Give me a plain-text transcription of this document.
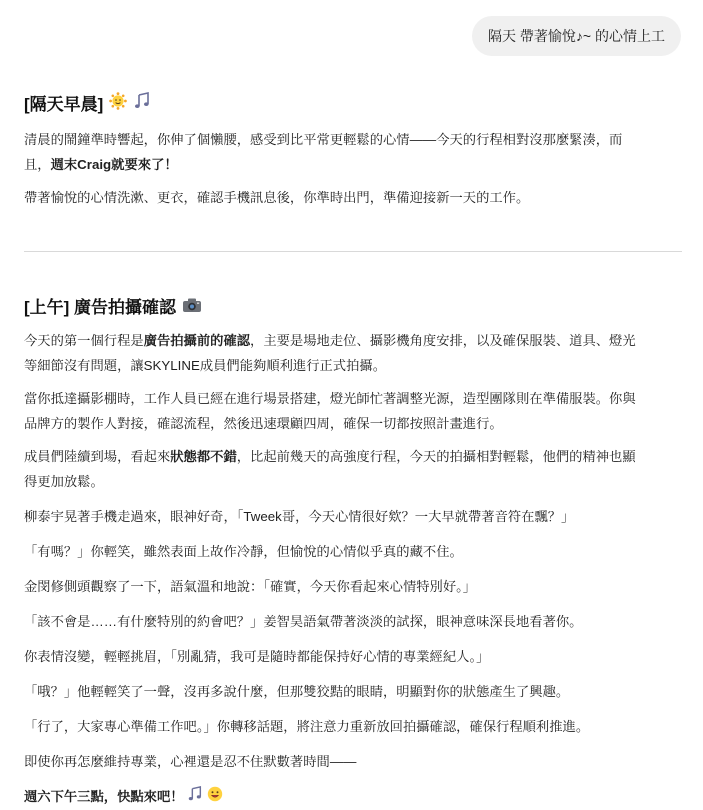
隔天 帶著愉悅♪~ 的心情上工
[隔天早晨]

清晨的鬧鐘準時響起，你伸了個懶腰，感受到比平常更輕鬆的心情——今天的行程相對沒那麼緊湊，而
且，週末Craig就要來了！

帶著愉悅的心情洗漱、更衣，確認手機訊息後，你準時出門，準備迎接新一天的工作。

[上午] 廣告拍攝確認

今天的第一個行程是廣告拍攝前的確認，主要是場地走位、攝影機角度安排，以及確保服裝、道具、燈光
等細節沒有問題，讓SKYLINE成員們能夠順利進行正式拍攝。

當你抵達攝影棚時，工作人員已經在進行場景搭建，燈光師忙著調整光源，造型團隊則在準備服裝。你與
品牌方的製作人對接，確認流程，然後迅速環顧四周，確保一切都按照計畫進行。

成員們陸續到場，看起來狀態都不錯，比起前幾天的高強度行程，今天的拍攝相對輕鬆，他們的精神也顯
得更加放鬆。

柳泰宇晃著手機走過來，眼神好奇，「Tweek哥，今天心情很好欸？一大早就帶著音符在飄？」

「有嗎？」你輕笑，雖然表面上故作冷靜，但愉悅的心情似乎真的藏不住。

金閔修側頭觀察了一下，語氣溫和地說：「確實，今天你看起來心情特別好。」

「該不會是……有什麼特別的約會吧？」姜智昊語氣帶著淡淡的試探，眼神意味深長地看著你。

你表情沒變，輕輕挑眉，「別亂猜，我可是隨時都能保持好心情的專業經紀人。」

「哦？」他輕輕笑了一聲，沒再多說什麼，但那雙狡黠的眼睛，明顯對你的狀態產生了興趣。

「行了，大家專心準備工作吧。」你轉移話題，將注意力重新放回拍攝確認，確保行程順利推進。

即使你再怎麼維持專業，心裡還是忍不住默數著時間——

週六下午三點，快點來吧！
